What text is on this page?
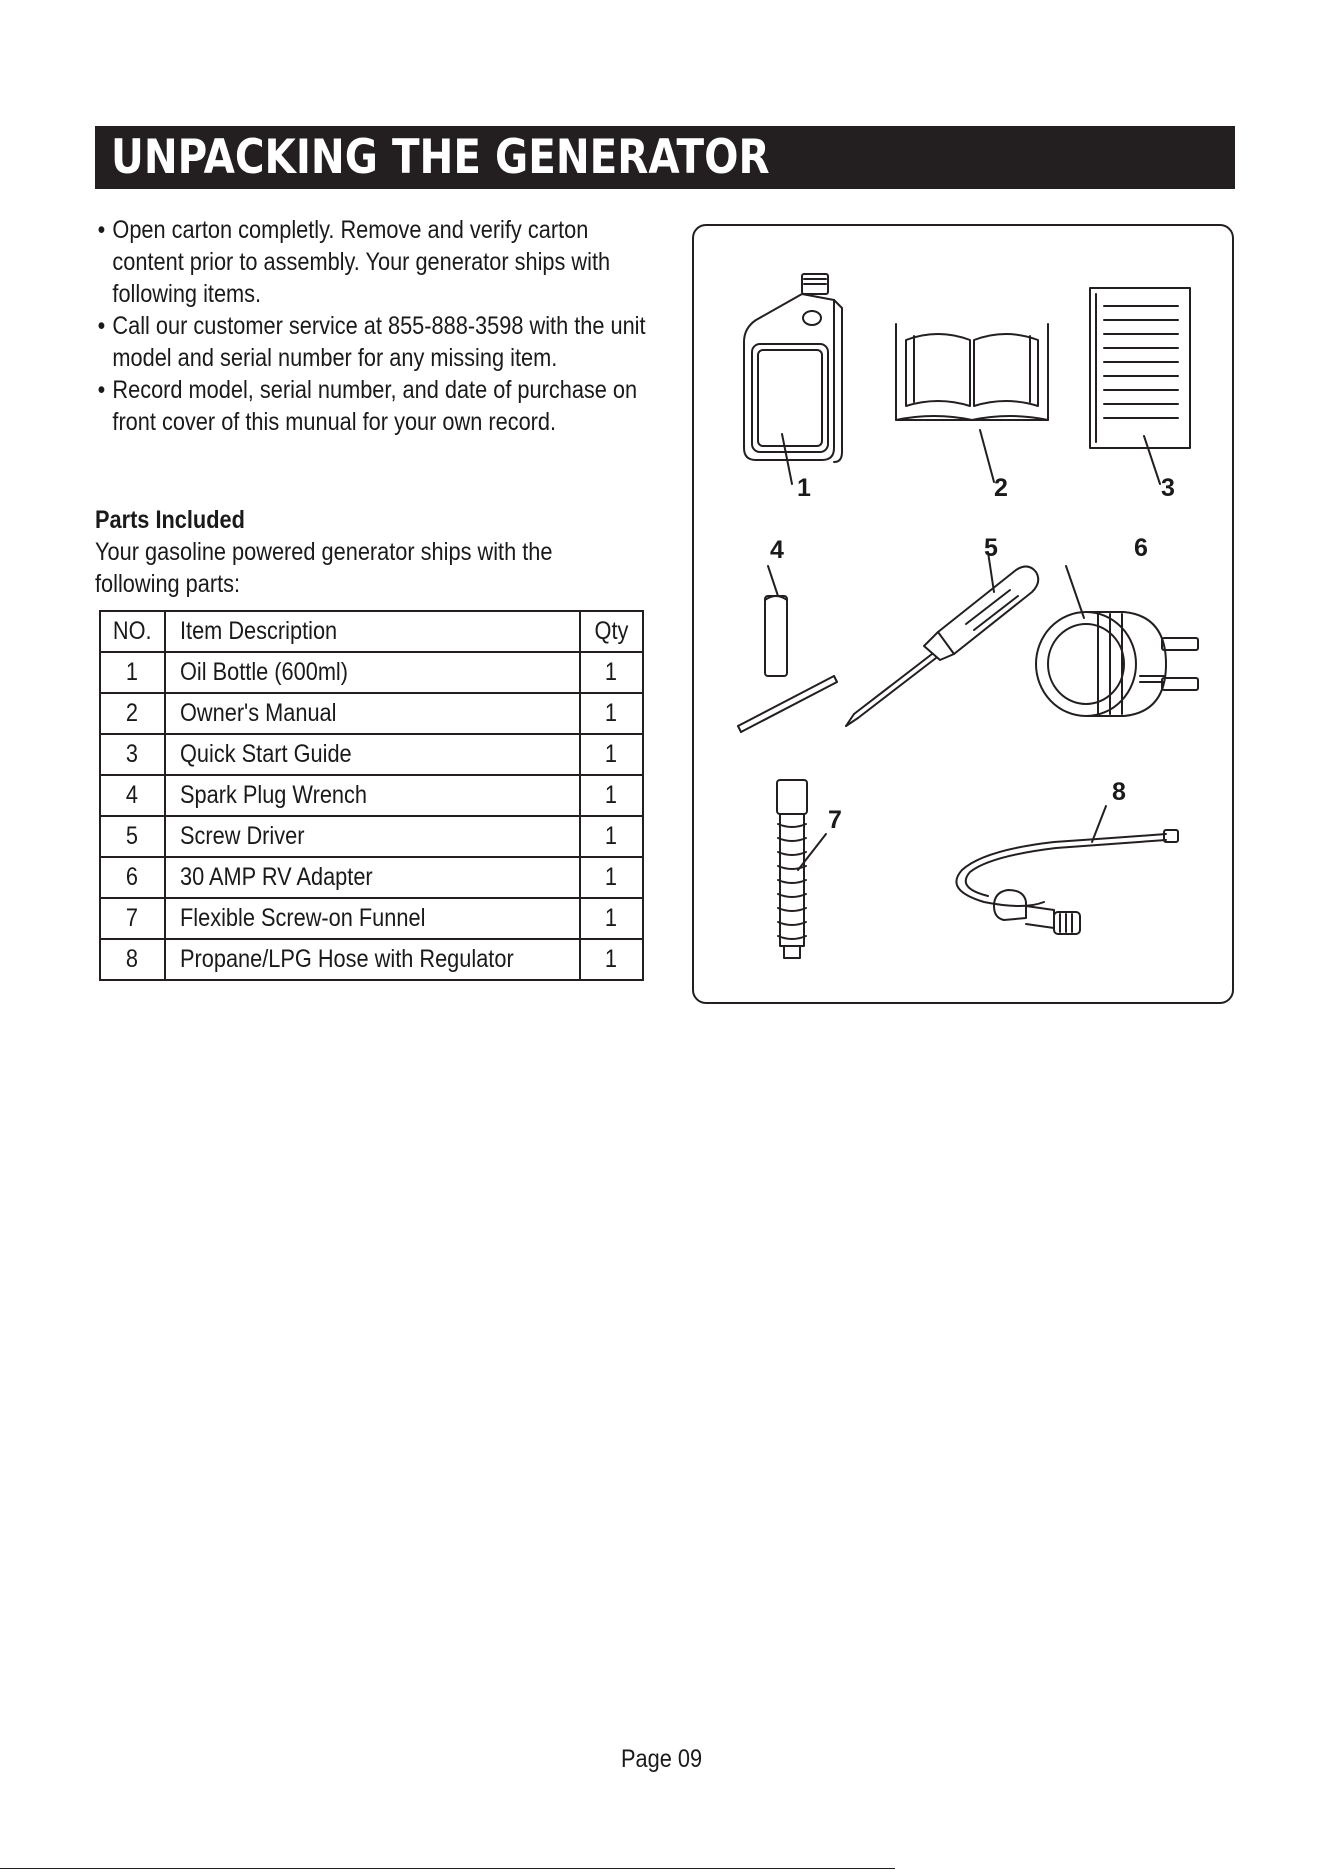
UNPACKING THE GENERATOR
• Open carton completly. Remove and verify carton content prior to assembly. Your generator ships with following items.
• Call our customer service at 855-888-3598 with the unit model and serial number for any missing item.
• Record model, serial number, and date of purchase on front cover of this munual for your own record.
Parts Included
Your gasoline powered generator ships with the following parts:
NO.	Item Description	Qty
1	Oil Bottle (600ml)	1
2	Owner's Manual	1
3	Quick Start Guide	1
4	Spark Plug Wrench	1
5	Screw Driver	1
6	30 AMP RV Adapter	1
7	Flexible Screw-on Funnel	1
8	Propane/LPG Hose with Regulator	1
1	2	3
4	5	6
7
8
Page 09
